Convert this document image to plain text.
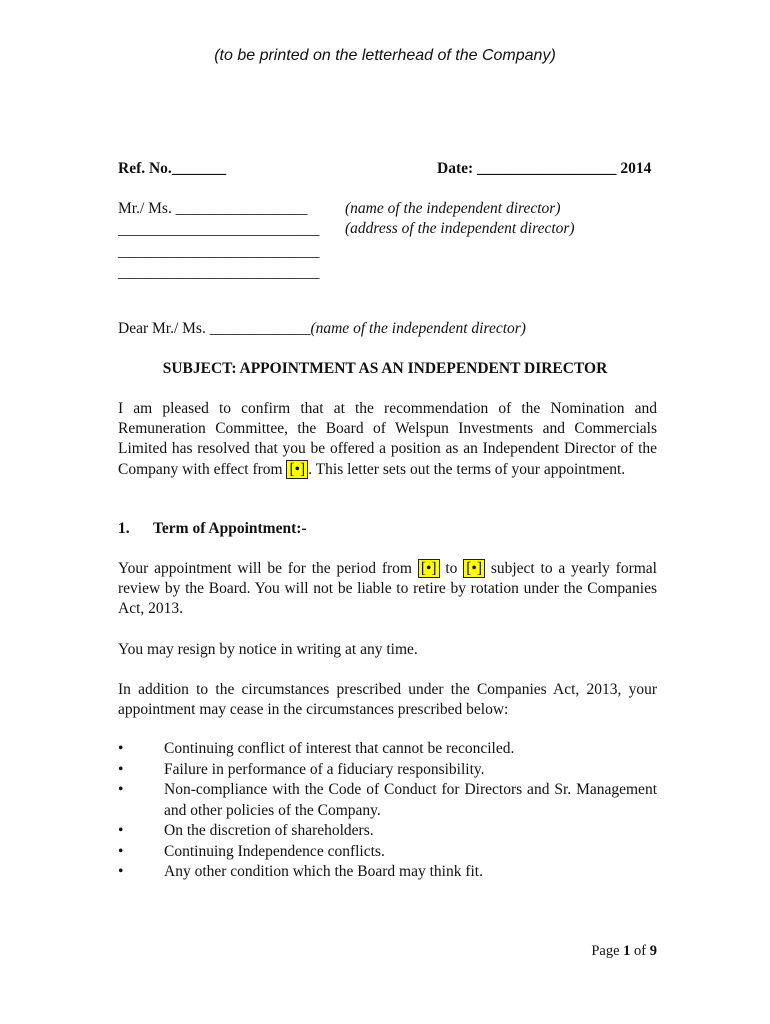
(to be printed on the letterhead of the Company)
Ref. No._______	Date: __________________ 2014
Mr./ Ms. _________________ (name of the independent director)
__________________________ (address of the independent director)
__________________________
__________________________
Dear Mr./ Ms. _____________(name of the independent director)
SUBJECT: APPOINTMENT AS AN INDEPENDENT DIRECTOR
I am pleased to confirm that at the recommendation of the Nomination and Remuneration Committee, the Board of Welspun Investments and Commercials Limited has resolved that you be offered a position as an Independent Director of the Company with effect from [•] . This letter sets out the terms of your appointment.
1. Term of Appointment:-
Your appointment will be for the period from [•] to [•] subject to a yearly formal review by the Board. You will not be liable to retire by rotation under the Companies Act, 2013.
You may resign by notice in writing at any time.
In addition to the circumstances prescribed under the Companies Act, 2013, your appointment may cease in the circumstances prescribed below:
•	Continuing conflict of interest that cannot be reconciled.
•	Failure in performance of a fiduciary responsibility.
•	Non-compliance with the Code of Conduct for Directors and Sr. Management and other policies of the Company.
•	On the discretion of shareholders.
•	Continuing Independence conflicts.
•	Any other condition which the Board may think fit.
Page 1 of 9
